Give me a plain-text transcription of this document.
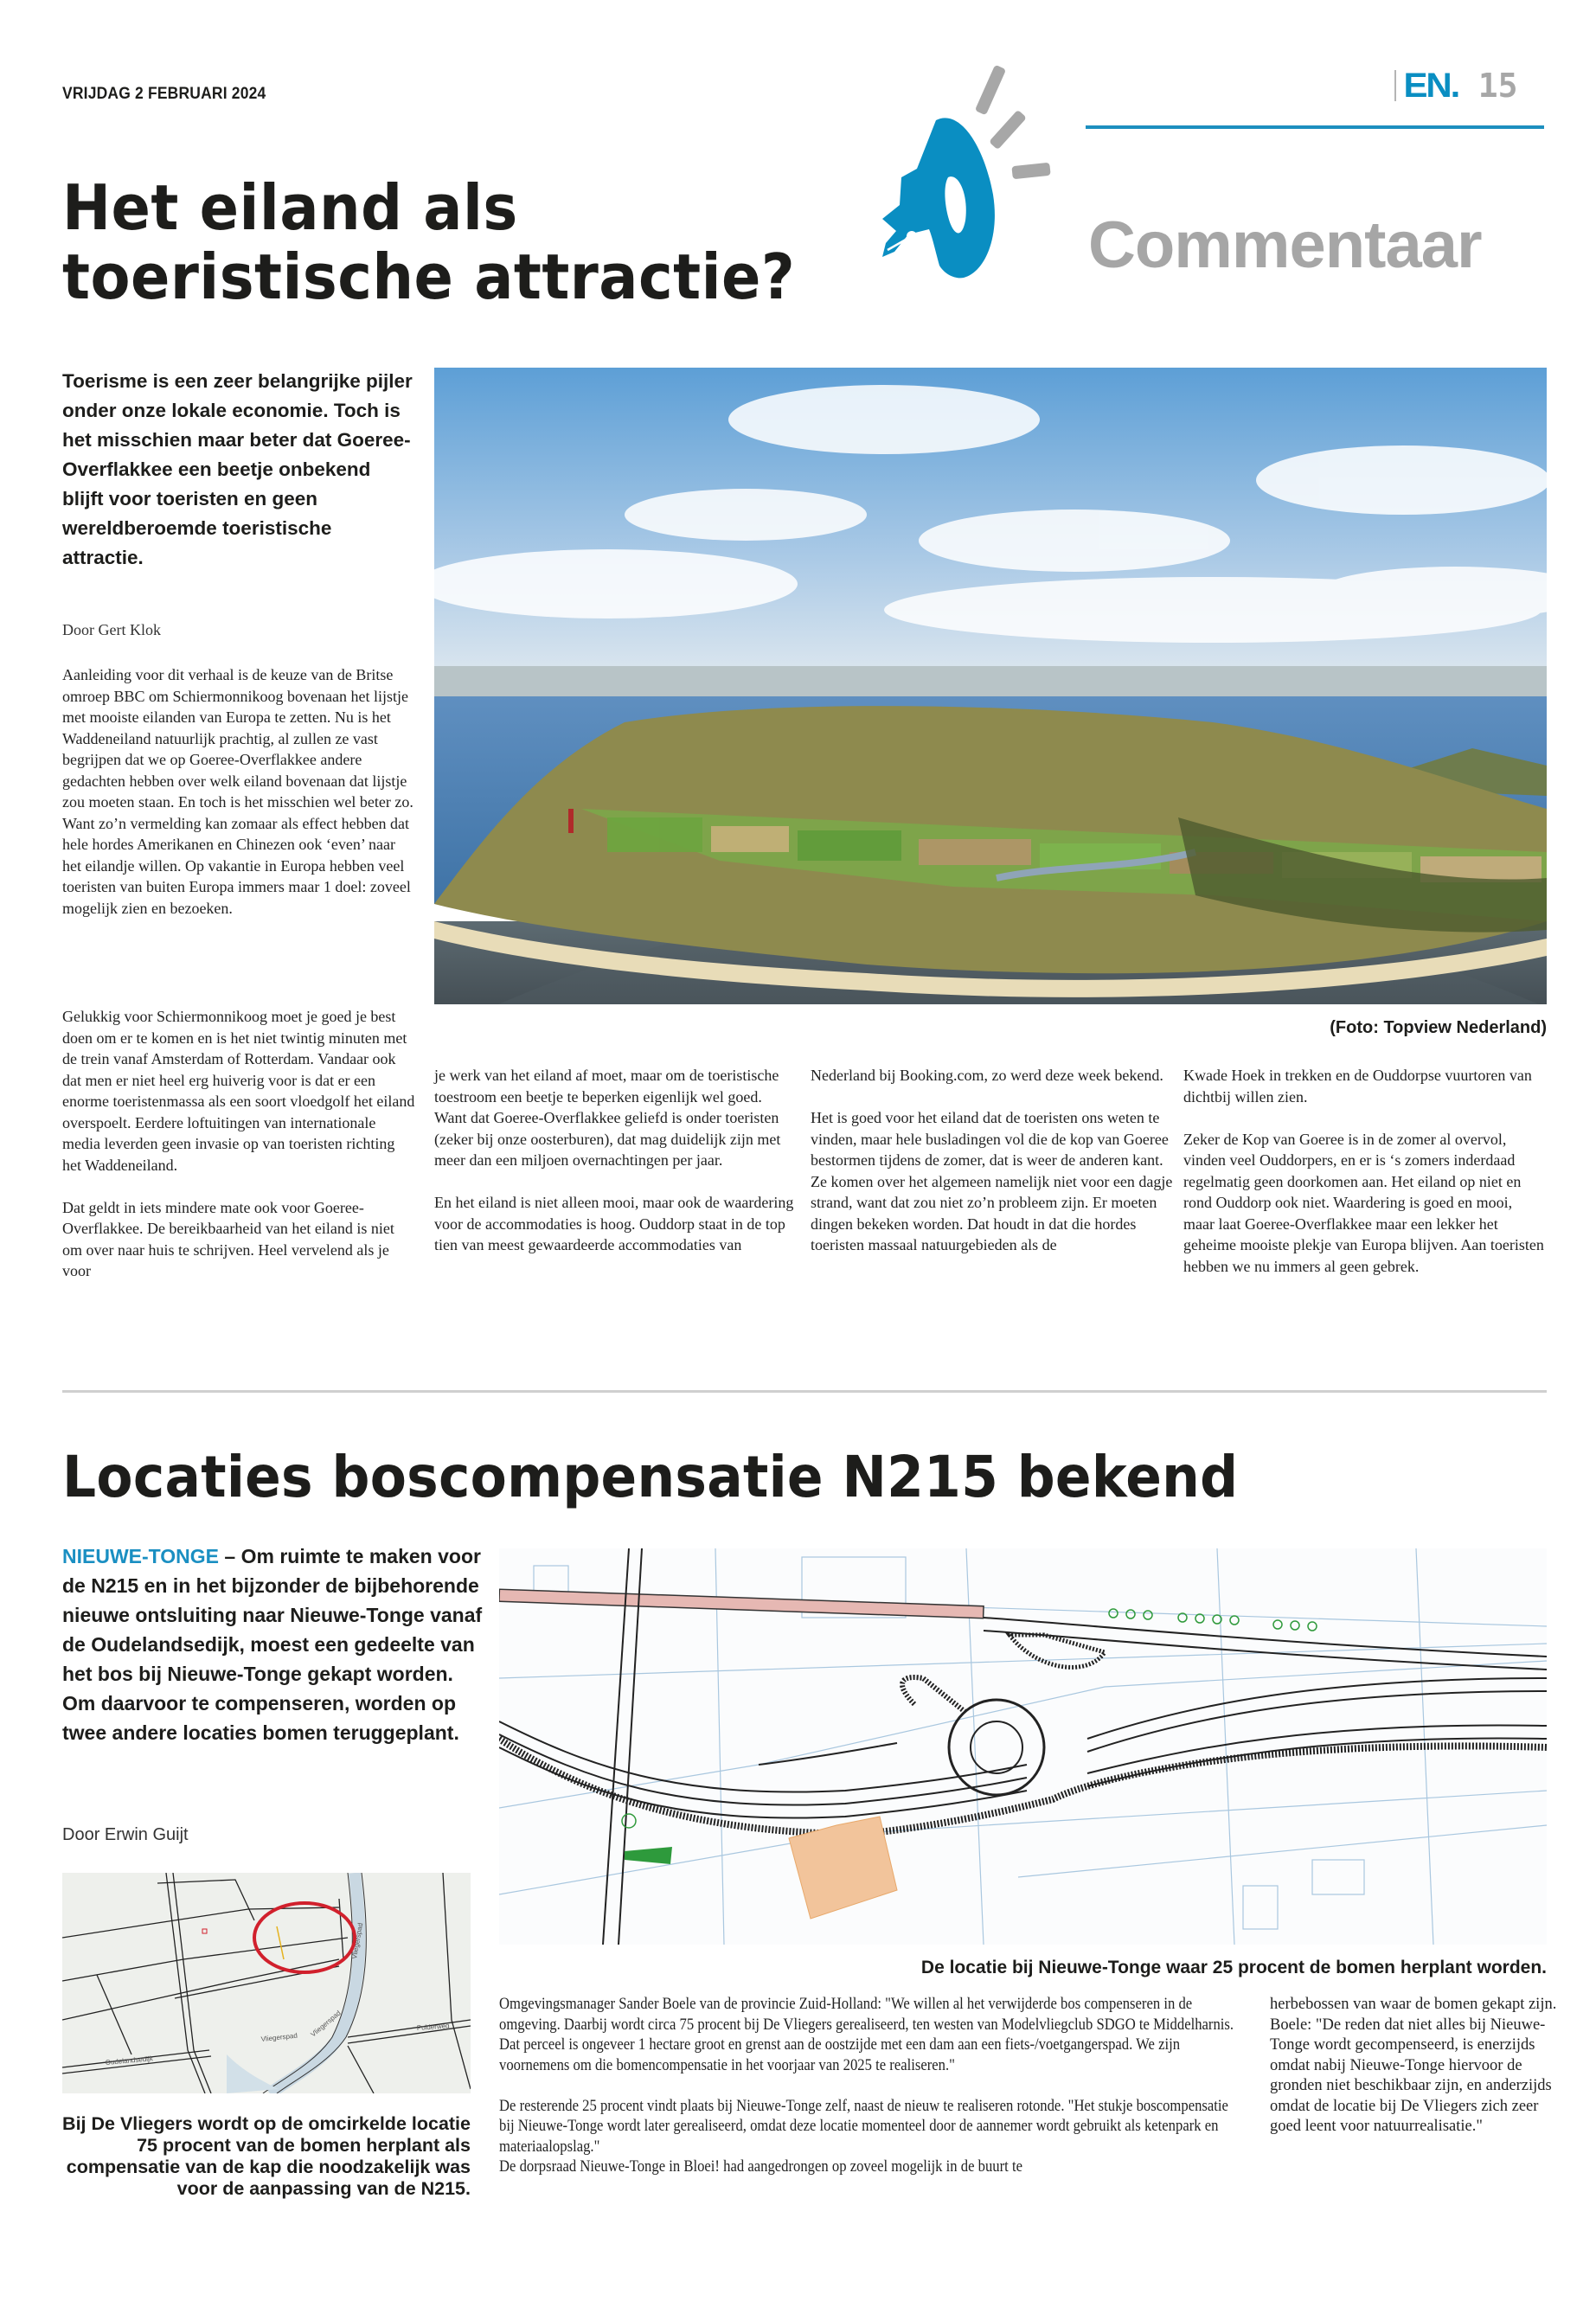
VRIJDAG 2 FEBRUARI 2024	EN. 15
Commentaar
Het eiland als
toeristische attractie?
Toerisme is een zeer belangrijke pijler onder onze lokale economie. Toch is het misschien maar beter dat Goeree-Overflakkee een beetje onbekend blijft voor toeristen en geen wereldberoemde toeristische attractie.
Door Gert Klok

Aanleiding voor dit verhaal is de keuze van de Britse omroep BBC om Schiermonnikoog bovenaan het lijstje met mooiste eilanden van Europa te zetten. Nu is het Waddeneiland natuurlijk prachtig, al zullen ze vast begrijpen dat we op Goeree-Overflakkee andere gedachten hebben over welk eiland bovenaan dat lijstje zou moeten staan. En toch is het misschien wel beter zo. Want zo’n vermelding kan zomaar als effect hebben dat hele hordes Amerikanen en Chinezen ook ‘even’ naar het eilandje willen. Op vakantie in Europa hebben veel toeristen van buiten Europa immers maar 1 doel: zoveel mogelijk zien en bezoeken.

Gelukkig voor Schiermonnikoog moet je goed je best doen om er te komen en is het niet twintig minuten met de trein vanaf Amsterdam of Rotterdam. Vandaar ook dat men er niet heel erg huiverig voor is dat er een enorme toeristenmassa als een soort vloedgolf het eiland overspoelt. Eerdere loftuitingen van internationale media leverden geen invasie op van toeristen richting het Waddeneiland.

Dat geldt in iets mindere mate ook voor Goeree-Overflakkee. De bereikbaarheid van het eiland is niet om over naar huis te schrijven. Heel vervelend als je voor

(Foto: Topview Nederland)

je werk van het eiland af moet, maar om de toeristische toestroom een beetje te beperken eigenlijk wel goed. Want dat Goeree-Overflakkee geliefd is onder toeristen (zeker bij onze oosterburen), dat mag duidelijk zijn met meer dan een miljoen overnachtingen per jaar.

En het eiland is niet alleen mooi, maar ook de waardering voor de accommodaties is hoog. Ouddorp staat in de top tien van meest gewaardeerde accommodaties van

Nederland bij Booking.com, zo werd deze week bekend.

Het is goed voor het eiland dat de toeristen ons weten te vinden, maar hele busladingen vol die de kop van Goeree bestormen tijdens de zomer, dat is weer de anderen kant. Ze komen over het algemeen namelijk niet voor een dagje strand, want dat zou niet zo’n probleem zijn. Er moeten dingen bekeken worden. Dat houdt in dat die hordes toeristen massaal natuurgebieden als de

Kwade Hoek in trekken en de Ouddorpse vuurtoren van dichtbij willen zien.

Zeker de Kop van Goeree is in de zomer al overvol, vinden veel Ouddorpers, en er is ‘s zomers inderdaad regelmatig geen doorkomen aan. Het eiland op niet en rond Ouddorp ook niet. Waardering is goed en mooi, maar laat Goeree-Overflakkee maar een lekker het geheime mooiste plekje van Europa blijven. Aan toeristen hebben we nu immers al geen gebrek.

Locaties boscompensatie N215 bekend
NIEUWE-TONGE – Om ruimte te maken voor de N215 en in het bijzonder de bijbehorende nieuwe ontsluiting naar Nieuwe-Tonge vanaf de Oudelandsedijk, moest een gedeelte van het bos bij Nieuwe-Tonge gekapt worden. Om daarvoor te compenseren, worden op twee andere locaties bomen teruggeplant.
Door Erwin Guijt
Vliegerspad Vliegerspad
Vliegerspad
Polderweg
Oudelandsedijk
Bij De Vliegers wordt op de omcirkelde locatie 75 procent van de bomen herplant als compensatie van de kap die noodzakelijk was voor de aanpassing van de N215.
De locatie bij Nieuwe-Tonge waar 25 procent de bomen herplant worden.

Omgevingsmanager Sander Boele van de provincie Zuid-Holland: "We willen al het verwijderde bos compenseren in de omgeving. Daarbij wordt circa 75 procent bij De Vliegers gerealiseerd, ten westen van Modelvliegclub SDGO te Middelharnis. Dat perceel is ongeveer 1 hectare groot en grenst aan de oostzijde met een dam aan een fiets-/voetgangerspad. We zijn voornemens om die bomencompensatie in het voorjaar van 2025 te realiseren."

De resterende 25 procent vindt plaats bij Nieuwe-Tonge zelf, naast de nieuw te realiseren rotonde. "Het stukje boscompensatie bij Nieuwe-Tonge wordt later gerealiseerd, omdat deze locatie momenteel door de aannemer wordt gebruikt als ketenpark en materiaalopslag."

De dorpsraad Nieuwe-Tonge in Bloei! had aangedrongen op zoveel mogelijk in de buurt te

herbebossen van waar de bomen gekapt zijn. Boele: "De reden dat niet alles bij Nieuwe-Tonge wordt gecompenseerd, is enerzijds omdat nabij Nieuwe-Tonge hiervoor de gronden niet beschikbaar zijn, en anderzijds omdat de locatie bij De Vliegers zich zeer goed leent voor natuurrealisatie."
